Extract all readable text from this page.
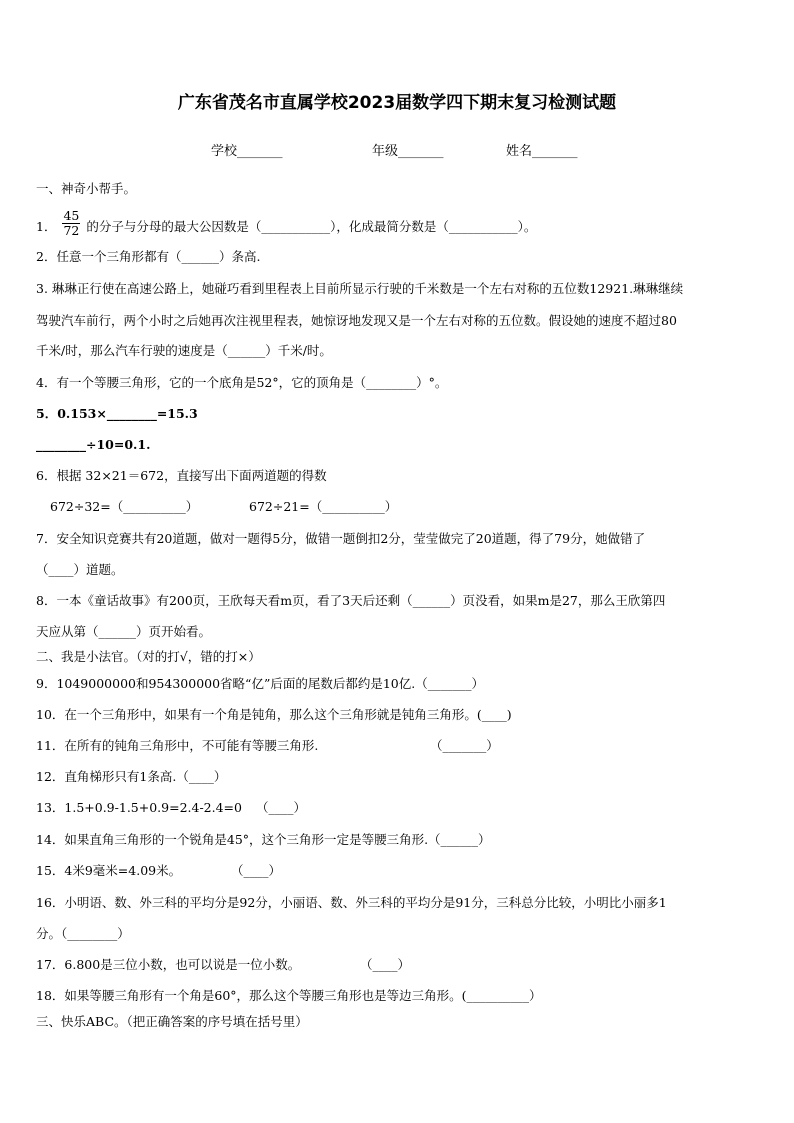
广东省茂名市直属学校2023届数学四下期末复习检测试题
学校_______	年级_______	姓名_______
一、神奇小帮手。
1． $\frac{45}{72}$ 的分子与分母的最大公因数是（___________），化成最简分数是（___________）。
2．任意一个三角形都有（______）条高.
3. 琳琳正行使在高速公路上，她碰巧看到里程表上目前所显示行驶的千米数是一个左右对称的五位数12921.琳琳继续
驾驶汽车前行，两个小时之后她再次注视里程表，她惊讶地发现又是一个左右对称的五位数。假设她的速度不超过80
千米/时，那么汽车行驶的速度是（______）千米/时。
4．有一个等腰三角形，它的一个底角是52°，它的顶角是（________）°。
5．0.153×________=15.3
________÷10=0.1.
6．根据 32×21＝672，直接写出下面两道题的得数
672÷32=（__________）	672÷21=（__________）
7．安全知识竞赛共有20道题，做对一题得5分，做错一题倒扣2分，莹莹做完了20道题，得了79分，她做错了
（____）道题。
8．一本《童话故事》有200页，王欣每天看m页，看了3天后还剩（______）页没看，如果m是27，那么王欣第四
天应从第（______）页开始看。
二、我是小法官。（对的打√，错的打×）
9．1049000000和954300000省略“亿”后面的尾数后都约是10亿.（_______）
10．在一个三角形中，如果有一个角是钝角，那么这个三角形就是钝角三角形。(____)
11．在所有的钝角三角形中，不可能有等腰三角形.	（_______）
12．直角梯形只有1条高.（____）
13．1.5+0.9-1.5+0.9=2.4-2.4=0 （____）
14．如果直角三角形的一个锐角是45°，这个三角形一定是等腰三角形.（______）
15．4米9毫米=4.09米。	（____）
16．小明语、数、外三科的平均分是92分，小丽语、数、外三科的平均分是91分，三科总分比较，小明比小丽多1
分。（________）
17．6.800是三位小数，也可以说是一位小数。	（____）
18．如果等腰三角形有一个角是60°，那么这个等腰三角形也是等边三角形。(__________）
三、快乐ABC。（把正确答案的序号填在括号里）
